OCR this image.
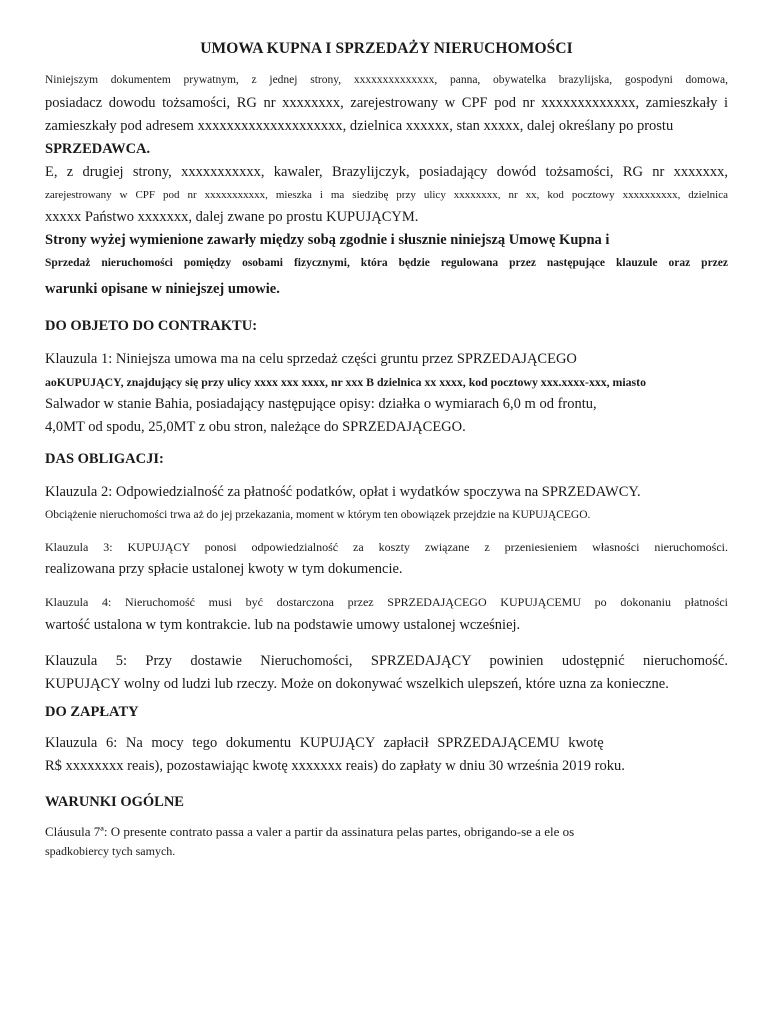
UMOWA KUPNA I SPRZEDAŻY NIERUCHOMOŚCI
Niniejszym dokumentem prywatnym, z jednej strony, xxxxxxxxxxxxxx, panna, obywatelka brazylijska, gospodyni domowa,
posiadacz dowodu tożsamości, RG nr xxxxxxxx, zarejestrowany w CPF pod nr xxxxxxxxxxxxx, zamieszkały i
zamieszkały pod adresem xxxxxxxxxxxxxxxxxxxx, dzielnica xxxxxx, stan xxxxx, dalej określany po prostu
SPRZEDAWCA.
E, z drugiej strony, xxxxxxxxxxx, kawaler, Brazylijczyk, posiadający dowód tożsamości, RG nr xxxxxxx,
zarejestrowany w CPF pod nr xxxxxxxxxxx, mieszka i ma siedzibę przy ulicy xxxxxxxx, nr xx, kod pocztowy xxxxxxxxxx, dzielnica
xxxxx Państwo xxxxxxx, dalej zwane po prostu KUPUJĄCYM.
Strony wyżej wymienione zawarły między sobą zgodnie i słusznie niniejszą Umowę Kupna i
Sprzedaż nieruchomości pomiędzy osobami fizycznymi, która będzie regulowana przez następujące klauzule oraz przez
warunki opisane w niniejszej umowie.
DO OBJETO DO CONTRAKTU:
Klauzula 1: Niniejsza umowa ma na celu sprzedaż części gruntu przez SPRZEDAJĄCEGO
aoKUPUJĄCY, znajdujący się przy ulicy xxxx xxx xxxx, nr xxx B dzielnica xx xxxx, kod pocztowy xxx.xxxx-xxx, miasto
Salwador w stanie Bahia, posiadający następujące opisy: działka o wymiarach 6,0 m od frontu,
4,0MT od spodu, 25,0MT z obu stron, należące do SPRZEDAJĄCEGO.
DAS OBLIGACJI:
Klauzula 2: Odpowiedzialność za płatność podatków, opłat i wydatków spoczywa na SPRZEDAWCY.
Obciążenie nieruchomości trwa aż do jej przekazania, moment w którym ten obowiązek przejdzie na KUPUJĄCEGO.
Klauzula 3: KUPUJĄCY ponosi odpowiedzialność za koszty związane z przeniesieniem własności nieruchomości.
realizowana przy spłacie ustalonej kwoty w tym dokumencie.
Klauzula 4: Nieruchomość musi być dostarczona przez SPRZEDAJĄCEGO KUPUJĄCEMU po dokonaniu płatności
wartość ustalona w tym kontrakcie. lub na podstawie umowy ustalonej wcześniej.
Klauzula 5: Przy dostawie Nieruchomości, SPRZEDAJĄCY powinien udostępnić nieruchomość.
KUPUJĄCY wolny od ludzi lub rzeczy. Może on dokonywać wszelkich ulepszeń, które uzna za konieczne.
DO ZAPŁATY
Klauzula 6: Na mocy tego dokumentu KUPUJĄCY zapłacił SPRZEDAJĄCEMU kwotę
R$ xxxxxxxx reais), pozostawiając kwotę xxxxxxx reais) do zapłaty w dniu 30 września 2019 roku.
WARUNKI OGÓLNE
Cláusula 7ª: O presente contrato passa a valer a partir da assinatura pelas partes, obrigando-se a ele os
spadkobiercy tych samych.
